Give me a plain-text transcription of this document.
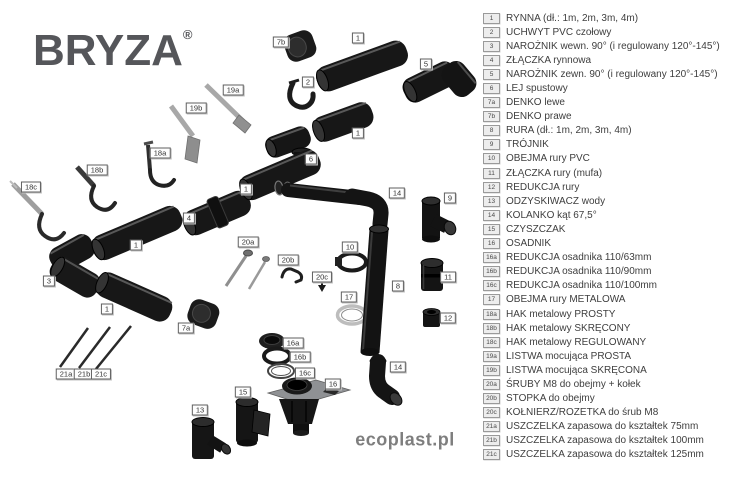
BRYZA®	7b	1
5
2
19a
19b
1
18a
6
18b
18c	1	14
9
4
20a
1	10
20b
11
20c
3
8
17
1
12
7a
16a
16b
14
16c
21a 21b 21c
16
15
13
1	RYNNA (dł.: 1m, 2m, 3m, 4m)
2	UCHWYT PVC czołowy
3	NAROŻNIK wewn. 90° (i regulowany 120°-145°)
4	ZŁĄCZKA rynnowa
5	NAROŻNIK zewn. 90° (i regulowany 120°-145°)
6	LEJ spustowy
7a	DENKO lewe
7b	DENKO prawe
8	RURA (dł.: 1m, 2m, 3m, 4m)
9	TRÓJNIK
10	OBEJMA rury PVC
11	ZŁĄCZKA rury (mufa)
12	REDUKCJA rury
13	ODZYSKIWACZ wody
14	KOLANKO kąt 67,5°
15	CZYSZCZAK
16	OSADNIK
16a REDUKCJA osadnika 110/63mm
16b REDUKCJA osadnika 110/90mm
16c REDUKCJA osadnika 110/100mm
17	OBEJMA rury METALOWA
18a HAK metalowy PROSTY
18b HAK metalowy SKRĘCONY
18c HAK metalowy REGULOWANY
19a LISTWA mocująca PROSTA
19b LISTWA mocująca SKRĘCONA
20a ŚRUBY M8 do obejmy + kołek
20b STOPKA do obejmy
20c KOŁNIERZ/ROZETKA do śrub M8
21a USZCZELKA zapasowa do kształtek 75mm
21b USZCZELKA zapasowa do kształtek 100mm
21c USZCZELKA zapasowa do kształtek 125mm
ecoplast.pl
